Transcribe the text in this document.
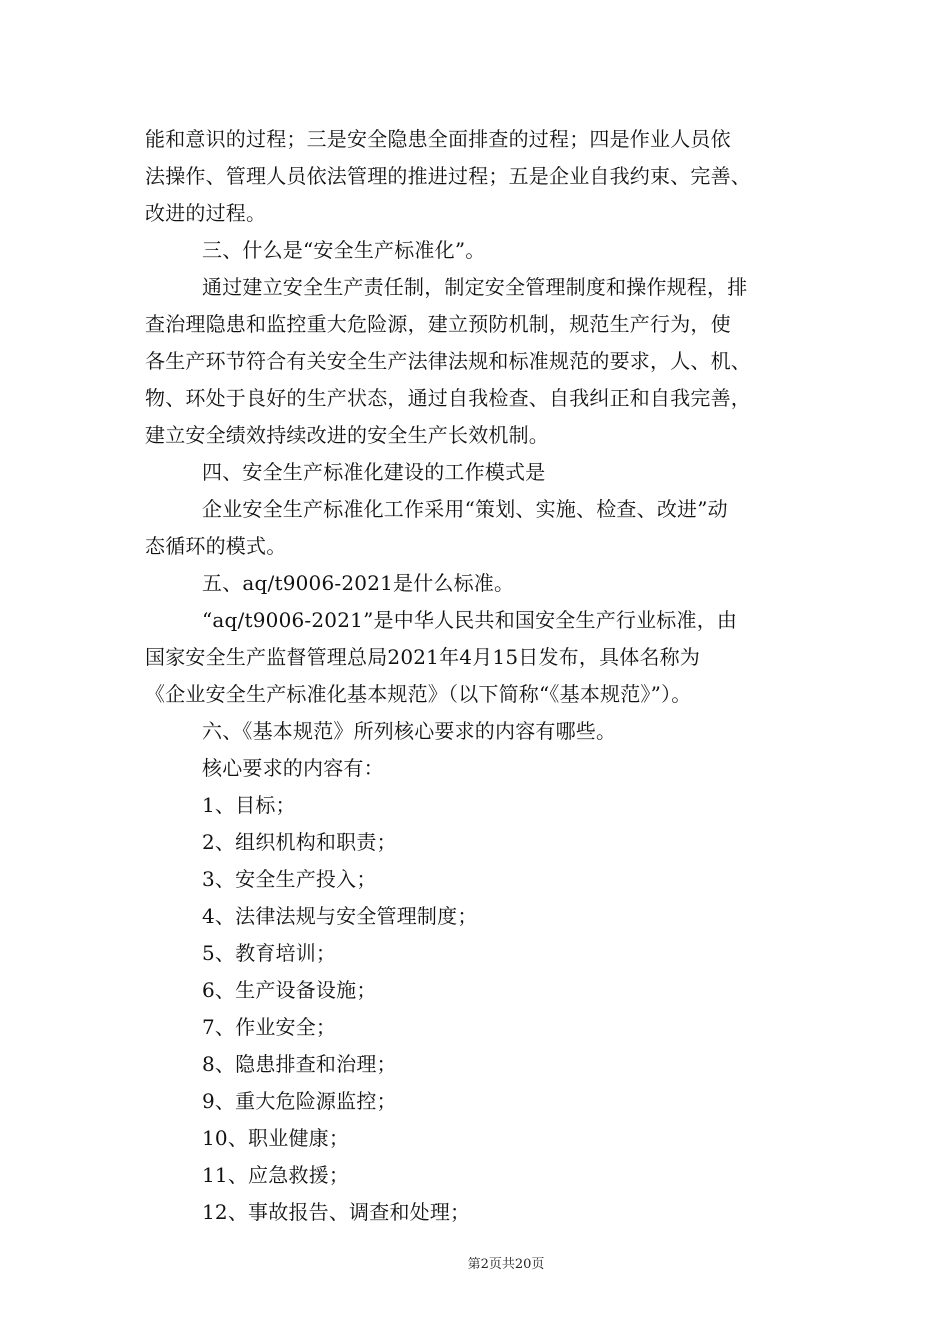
能和意识的过程；三是安全隐患全面排查的过程；四是作业人员依
法操作、管理人员依法管理的推进过程；五是企业自我约束、完善、
改进的过程。
三、什么是“安全生产标准化”。
通过建立安全生产责任制，制定安全管理制度和操作规程，排
查治理隐患和监控重大危险源，建立预防机制，规范生产行为，使
各生产环节符合有关安全生产法律法规和标准规范的要求，人、机、
物、环处于良好的生产状态，通过自我检查、自我纠正和自我完善，
建立安全绩效持续改进的安全生产长效机制。
四、安全生产标准化建设的工作模式是
企业安全生产标准化工作采用“策划、实施、检查、改进”动
态循环的模式。
五、aq/t9006-2021是什么标准。
“aq/t9006-2021”是中华人民共和国安全生产行业标准，由
国家安全生产监督管理总局2021年4月15日发布，具体名称为
《企业安全生产标准化基本规范》（以下简称“《基本规范》”）。
六、《基本规范》所列核心要求的内容有哪些。
核心要求的内容有：
1、目标；
2、组织机构和职责；
3、安全生产投入；
4、法律法规与安全管理制度；
5、教育培训；
6、生产设备设施；
7、作业安全；
8、隐患排查和治理；
9、重大危险源监控；
10、职业健康；
11、应急救援；
12、事故报告、调查和处理；
第2页共20页
